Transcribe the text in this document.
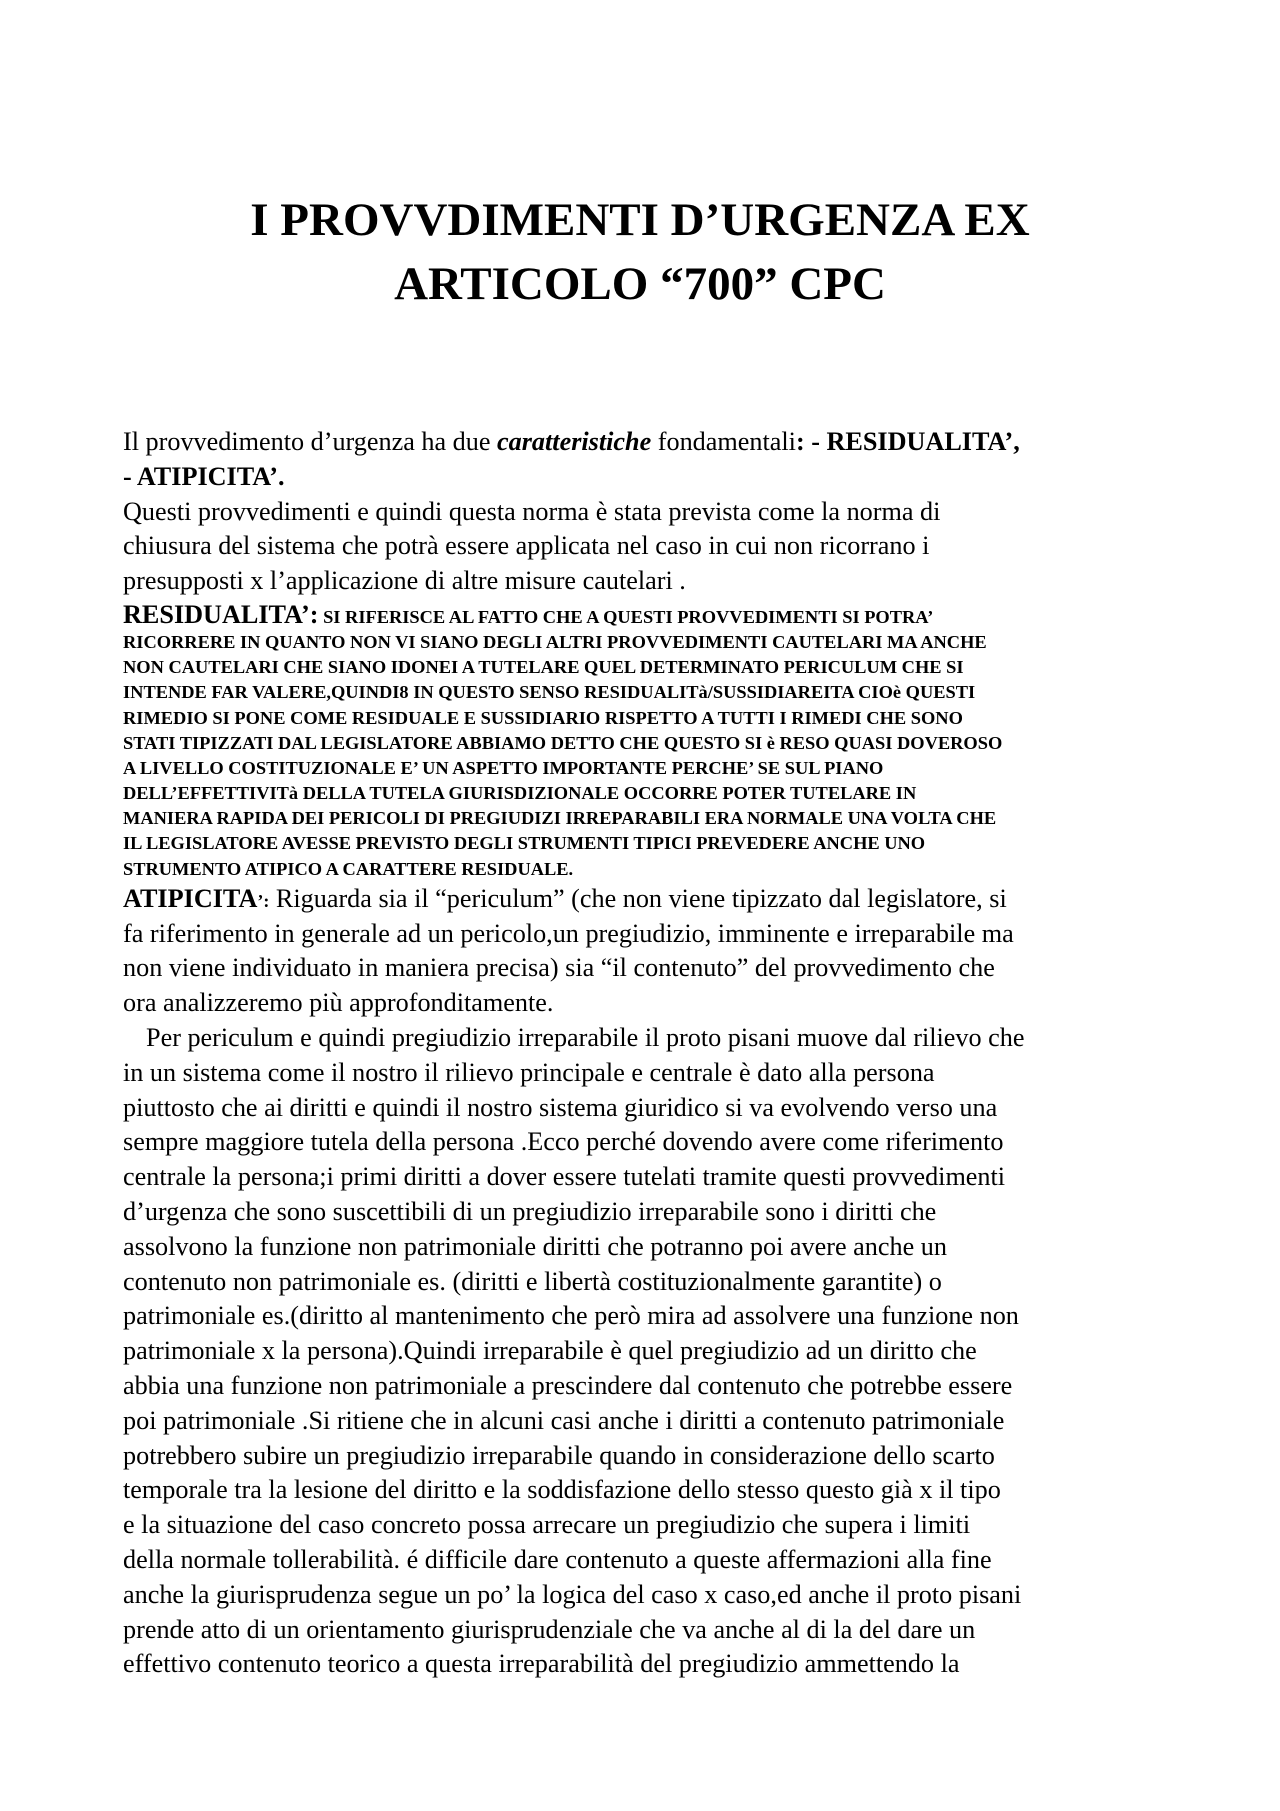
I PROVVDIMENTI D’URGENZA EX
ARTICOLO “700” CPC
Il provvedimento d’urgenza ha due caratteristiche fondamentali: - RESIDUALITA’,
- ATIPICITA’.
Questi provvedimenti e quindi questa norma è stata prevista come la norma di
chiusura del sistema che potrà essere applicata nel caso in cui non ricorrano i
presupposti x l’applicazione di altre misure cautelari .
RESIDUALITA’: SI RIFERISCE AL FATTO CHE A QUESTI PROVVEDIMENTI SI POTRA’
RICORRERE IN QUANTO NON VI SIANO DEGLI ALTRI PROVVEDIMENTI CAUTELARI MA ANCHE
NON CAUTELARI CHE SIANO IDONEI A TUTELARE QUEL DETERMINATO PERICULUM CHE SI
INTENDE FAR VALERE,QUINDI8 IN QUESTO SENSO RESIDUALITà/SUSSIDIAREITA CIOè QUESTI
RIMEDIO SI PONE COME RESIDUALE E SUSSIDIARIO RISPETTO A TUTTI I RIMEDI CHE SONO
STATI TIPIZZATI DAL LEGISLATORE ABBIAMO DETTO CHE QUESTO SI è RESO QUASI DOVEROSO
A LIVELLO COSTITUZIONALE E’ UN ASPETTO IMPORTANTE PERCHE’ SE SUL PIANO
DELL’EFFETTIVITà DELLA TUTELA GIURISDIZIONALE OCCORRE POTER TUTELARE IN
MANIERA RAPIDA DEI PERICOLI DI PREGIUDIZI IRREPARABILI ERA NORMALE UNA VOLTA CHE
IL LEGISLATORE AVESSE PREVISTO DEGLI STRUMENTI TIPICI PREVEDERE ANCHE UNO
STRUMENTO ATIPICO A CARATTERE RESIDUALE.
ATIPICITA’: Riguarda sia il “periculum” (che non viene tipizzato dal legislatore, si
fa riferimento in generale ad un pericolo,un pregiudizio, imminente e irreparabile ma
non viene individuato in maniera precisa) sia “il contenuto” del provvedimento che
ora analizzeremo più approfonditamente.
Per periculum e quindi pregiudizio irreparabile il proto pisani muove dal rilievo che
in un sistema come il nostro il rilievo principale e centrale è dato alla persona
piuttosto che ai diritti e quindi il nostro sistema giuridico si va evolvendo verso una
sempre maggiore tutela della persona .Ecco perché dovendo avere come riferimento
centrale la persona;i primi diritti a dover essere tutelati tramite questi provvedimenti
d’urgenza che sono suscettibili di un pregiudizio irreparabile sono i diritti che
assolvono la funzione non patrimoniale diritti che potranno poi avere anche un
contenuto non patrimoniale es. (diritti e libertà costituzionalmente garantite) o
patrimoniale es.(diritto al mantenimento che però mira ad assolvere una funzione non
patrimoniale x la persona).Quindi irreparabile è quel pregiudizio ad un diritto che
abbia una funzione non patrimoniale a prescindere dal contenuto che potrebbe essere
poi patrimoniale .Si ritiene che in alcuni casi anche i diritti a contenuto patrimoniale
potrebbero subire un pregiudizio irreparabile quando in considerazione dello scarto
temporale tra la lesione del diritto e la soddisfazione dello stesso questo già x il tipo
e la situazione del caso concreto possa arrecare un pregiudizio che supera i limiti
della normale tollerabilità. é difficile dare contenuto a queste affermazioni alla fine
anche la giurisprudenza segue un po’ la logica del caso x caso,ed anche il proto pisani
prende atto di un orientamento giurisprudenziale che va anche al di la del dare un
effettivo contenuto teorico a questa irreparabilità del pregiudizio ammettendo la
